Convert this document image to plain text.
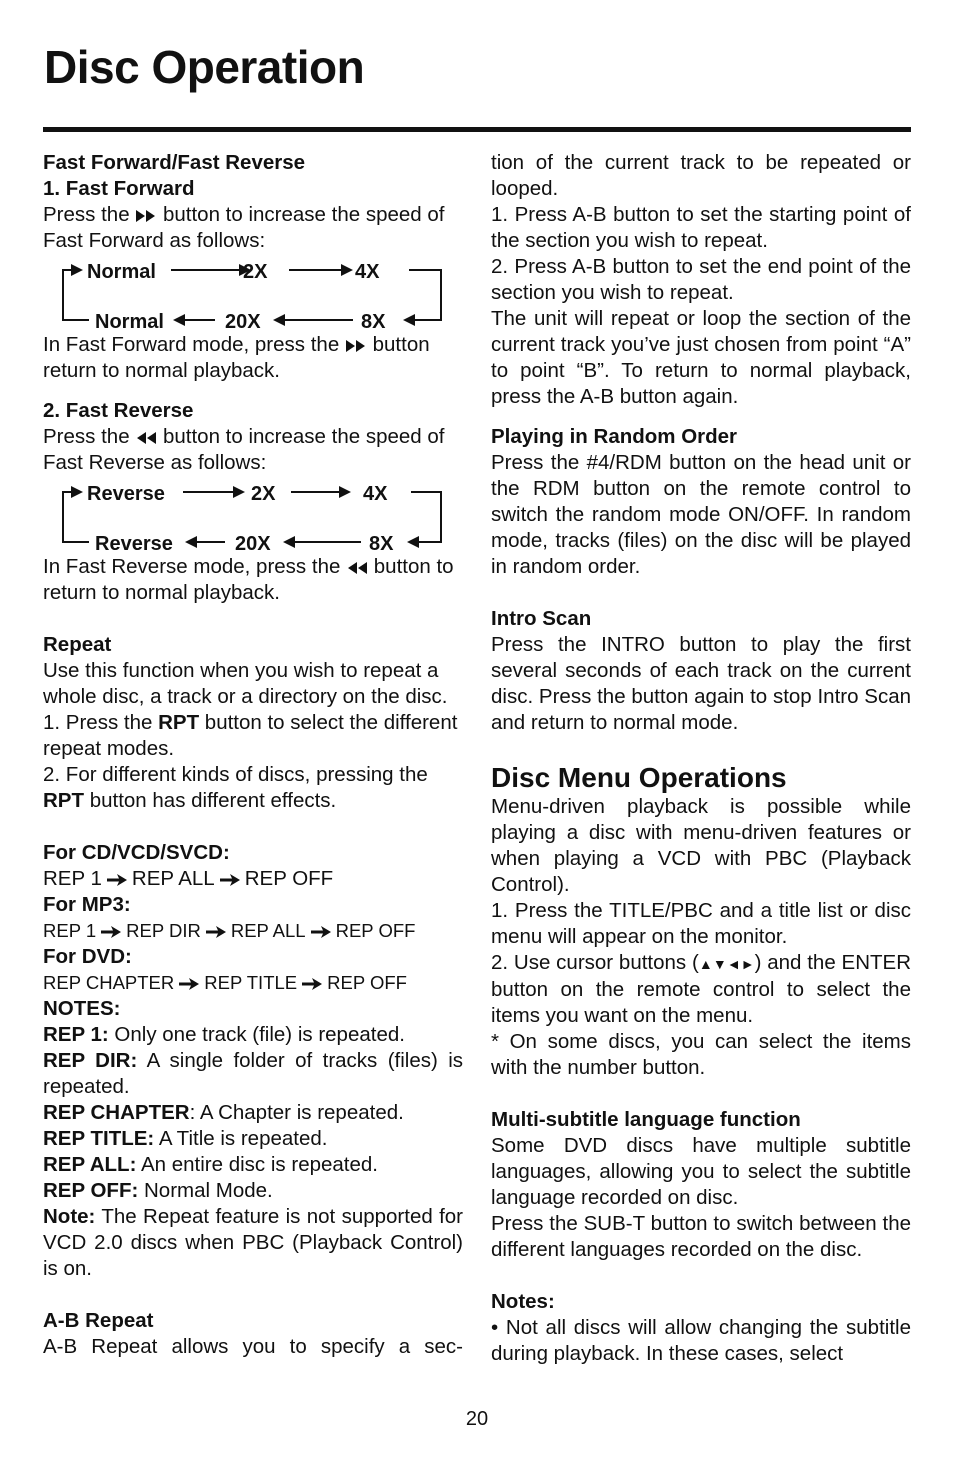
Disc Operation

Fast Forward/Fast Reverse

1. Fast Forward

Press the  button to increase the speed of Fast Forward as follows:

Normal	2X	4X
Normal	20X	8X

In Fast Forward mode, press the  button return to normal playback.

2. Fast Reverse

Press the  button to increase the speed of Fast Reverse as follows:

Reverse	2X	4X
Reverse	20X	8X

In Fast Reverse mode, press the  button to return to normal playback.

Repeat

Use this function when you wish to repeat a whole disc, a track or a directory on the disc.

1. Press the RPT button to select the different repeat modes.

2. For different kinds of discs, pressing the RPT button has different effects.

For CD/VCD/SVCD:

REP 1 REP ALL REP OFF

For MP3:

REP 1 REP DIR REP ALL REP OFF

For DVD:

REP CHAPTER REP TITLE REP OFF

NOTES:

REP 1: Only one track (file) is repeated.

REP DIR: A single folder of tracks (files) is repeated.

REP CHAPTER: A Chapter is repeated.

REP TITLE: A Title is repeated.

REP ALL: An entire disc is repeated.

REP OFF: Normal Mode.

Note: The Repeat feature is not supported for VCD 2.0 discs when PBC (Playback Control) is on.

A-B Repeat

A-B Repeat allows you to specify a sec-

tion of the current track to be repeated or looped.

1. Press A-B button to set the starting point of the section you wish to repeat.

2. Press A-B button to set the end point of the section you wish to repeat.

The unit will repeat or loop the section of the current track you’ve just chosen from point “A” to point “B”. To return to normal playback, press the A-B button again.

Playing in Random Order

Press the #4/RDM button on the head unit or the RDM button on the remote control to switch the random mode ON/OFF. In random mode, tracks (files) on the disc will be played in random order.

Intro Scan

Press the INTRO button to play the first several seconds of each track on the current disc. Press the button again to stop Intro Scan and return to normal mode.

Disc Menu Operations

Menu-driven playback is possible while playing a disc with menu-driven features or when playing a VCD with PBC (Playback Control).

1. Press the TITLE/PBC and a title list or disc menu will appear on the monitor.

2. Use cursor buttons (▲▼◄►) and the ENTER button on the remote control to select the items you want on the menu.

* On some discs, you can select the items with the number button.

Multi-subtitle language function

Some DVD discs have multiple subtitle languages, allowing you to select the subtitle language recorded on disc.

Press the SUB-T button to switch between the different languages recorded on the disc.

Notes:

• Not all discs will allow changing the subtitle during playback. In these cases, select

20
